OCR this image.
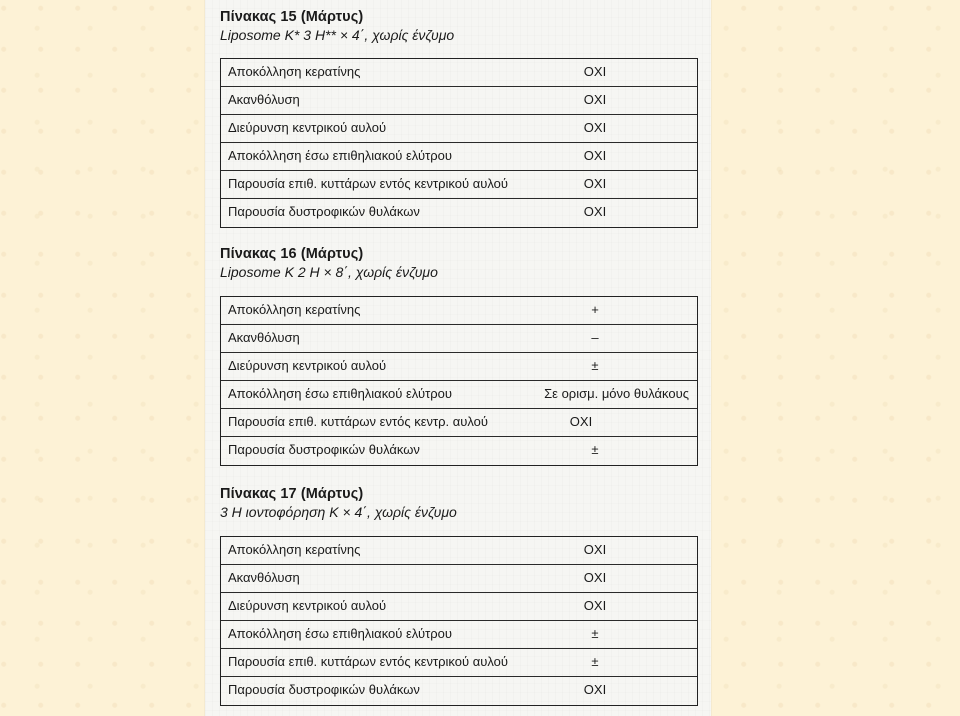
Πίνακας 15 (Μάρτυς)
Liposome K* 3 H** × 4΄, χωρίς ένζυμο
Αποκόλληση κερατίνης	ΟΧΙ
Ακανθόλυση	ΟΧΙ
Διεύρυνση κεντρικού αυλού	ΟΧΙ
Αποκόλληση έσω επιθηλιακού ελύτρου	ΟΧΙ
Παρουσία επιθ. κυττάρων εντός κεντρικού αυλού	ΟΧΙ
Παρουσία δυστροφικών θυλάκων	ΟΧΙ
Πίνακας 16 (Μάρτυς)
Liposome K 2 H × 8΄, χωρίς ένζυμο
Αποκόλληση κερατίνης	+
Ακανθόλυση	–
Διεύρυνση κεντρικού αυλού	±
Αποκόλληση έσω επιθηλιακού ελύτρου	Σε ορισμ. μόνο θυλάκους
Παρουσία επιθ. κυττάρων εντός κεντρ. αυλού	ΟΧΙ
Παρουσία δυστροφικών θυλάκων	±
Πίνακας 17 (Μάρτυς)
3 H ιοντοφόρηση K × 4΄, χωρίς ένζυμο
Αποκόλληση κερατίνης	ΟΧΙ
Ακανθόλυση	ΟΧΙ
Διεύρυνση κεντρικού αυλού	ΟΧΙ
Αποκόλληση έσω επιθηλιακού ελύτρου	±
Παρουσία επιθ. κυττάρων εντός κεντρικού αυλού	±
Παρουσία δυστροφικών θυλάκων	ΟΧΙ
